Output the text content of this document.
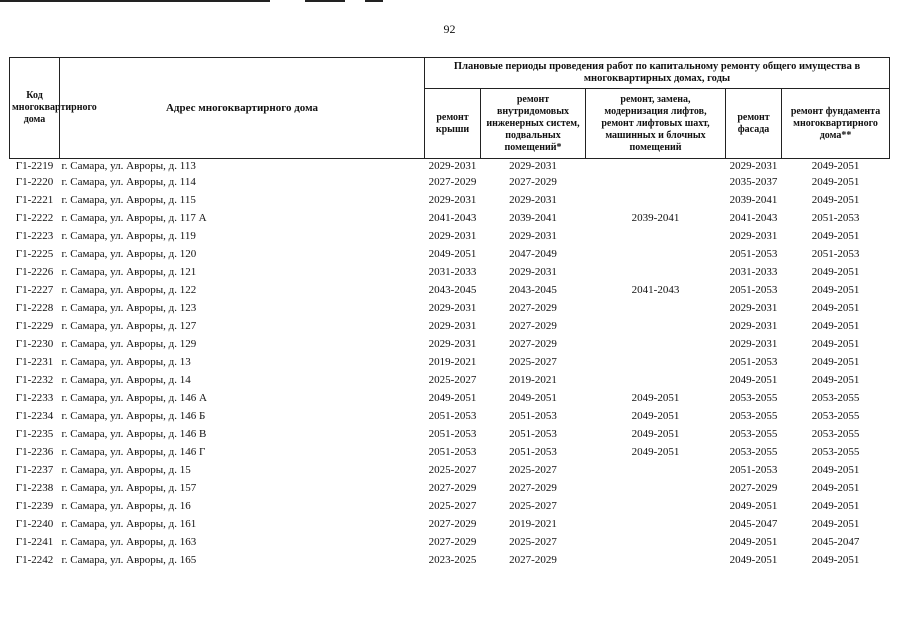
92
Код многоквартирного дома	Адрес многоквартирного дома	Плановые периоды проведения работ по капитальному ремонту общего имущества в многоквартирных домах, годы				
		ремонт крыши	ремонт внутридомовых инженерных систем, подвальных помещений*	ремонт, замена, модернизация лифтов, ремонт лифтовых шахт, машинных и блочных помещений	ремонт фасада	ремонт фундамента многоквартирного дома**
Г1-2219	г. Самара, ул. Авроры, д. 113	2029-2031	2029-2031		2029-2031	2049-2051
Г1-2220	г. Самара, ул. Авроры, д. 114	2027-2029	2027-2029		2035-2037	2049-2051
Г1-2221	г. Самара, ул. Авроры, д. 115	2029-2031	2029-2031		2039-2041	2049-2051
Г1-2222	г. Самара, ул. Авроры, д. 117 А	2041-2043	2039-2041	2039-2041	2041-2043	2051-2053
Г1-2223	г. Самара, ул. Авроры, д. 119	2029-2031	2029-2031		2029-2031	2049-2051
Г1-2225	г. Самара, ул. Авроры, д. 120	2049-2051	2047-2049		2051-2053	2051-2053
Г1-2226	г. Самара, ул. Авроры, д. 121	2031-2033	2029-2031		2031-2033	2049-2051
Г1-2227	г. Самара, ул. Авроры, д. 122	2043-2045	2043-2045	2041-2043	2051-2053	2049-2051
Г1-2228	г. Самара, ул. Авроры, д. 123	2029-2031	2027-2029		2029-2031	2049-2051
Г1-2229	г. Самара, ул. Авроры, д. 127	2029-2031	2027-2029		2029-2031	2049-2051
Г1-2230	г. Самара, ул. Авроры, д. 129	2029-2031	2027-2029		2029-2031	2049-2051
Г1-2231	г. Самара, ул. Авроры, д. 13	2019-2021	2025-2027		2051-2053	2049-2051
Г1-2232	г. Самара, ул. Авроры, д. 14	2025-2027	2019-2021		2049-2051	2049-2051
Г1-2233	г. Самара, ул. Авроры, д. 146 А	2049-2051	2049-2051	2049-2051	2053-2055	2053-2055
Г1-2234	г. Самара, ул. Авроры, д. 146 Б	2051-2053	2051-2053	2049-2051	2053-2055	2053-2055
Г1-2235	г. Самара, ул. Авроры, д. 146 В	2051-2053	2051-2053	2049-2051	2053-2055	2053-2055
Г1-2236	г. Самара, ул. Авроры, д. 146 Г	2051-2053	2051-2053	2049-2051	2053-2055	2053-2055
Г1-2237	г. Самара, ул. Авроры, д. 15	2025-2027	2025-2027		2051-2053	2049-2051
Г1-2238	г. Самара, ул. Авроры, д. 157	2027-2029	2027-2029		2027-2029	2049-2051
Г1-2239	г. Самара, ул. Авроры, д. 16	2025-2027	2025-2027		2049-2051	2049-2051
Г1-2240	г. Самара, ул. Авроры, д. 161	2027-2029	2019-2021		2045-2047	2049-2051
Г1-2241	г. Самара, ул. Авроры, д. 163	2027-2029	2025-2027		2049-2051	2045-2047
Г1-2242	г. Самара, ул. Авроры, д. 165	2023-2025	2027-2029		2049-2051	2049-2051
